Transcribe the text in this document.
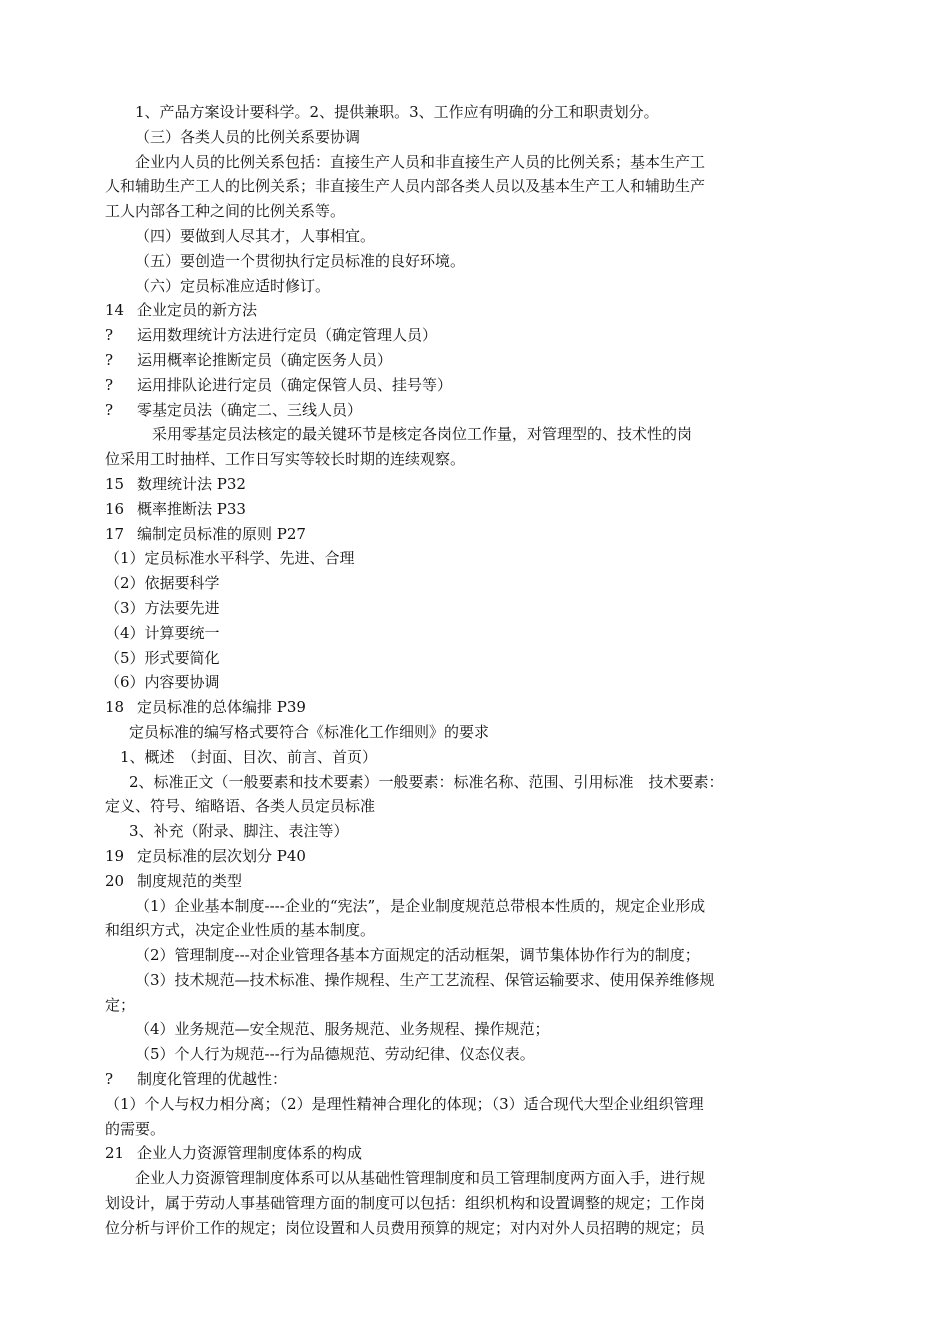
1、产品方案设计要科学。2、提供兼职。3、工作应有明确的分工和职责划分。
（三）各类人员的比例关系要协调
企业内人员的比例关系包括：直接生产人员和非直接生产人员的比例关系；基本生产工
人和辅助生产工人的比例关系；非直接生产人员内部各类人员以及基本生产工人和辅助生产
工人内部各工种之间的比例关系等。
（四）要做到人尽其才，人事相宜。
（五）要创造一个贯彻执行定员标准的良好环境。
（六）定员标准应适时修订。
14 企业定员的新方法
? 运用数理统计方法进行定员（确定管理人员）
? 运用概率论推断定员（确定医务人员）
? 运用排队论进行定员（确定保管人员、挂号等）
? 零基定员法（确定二、三线人员）
采用零基定员法核定的最关键环节是核定各岗位工作量，对管理型的、技术性的岗
位采用工时抽样、工作日写实等较长时期的连续观察。
15 数理统计法 P32
16 概率推断法 P33
17 编制定员标准的原则 P27
（1）定员标准水平科学、先进、合理
（2）依据要科学
（3）方法要先进
（4）计算要统一
（5）形式要简化
（6）内容要协调
18 定员标准的总体编排 P39
定员标准的编写格式要符合《标准化工作细则》的要求
1、概述　（封面、目次、前言、首页）
2、标准正文（一般要素和技术要素）一般要素：标准名称、范围、引用标准　技术要素：
定义、符号、缩略语、各类人员定员标准
3、补充（附录、脚注、表注等）
19 定员标准的层次划分 P40
20 制度规范的类型
（1）企业基本制度----企业的“宪法”，是企业制度规范总带根本性质的，规定企业形成
和组织方式，决定企业性质的基本制度。
（2）管理制度---对企业管理各基本方面规定的活动框架，调节集体协作行为的制度；
（3）技术规范—技术标准、操作规程、生产工艺流程、保管运输要求、使用保养维修规
定；
（4）业务规范—安全规范、服务规范、业务规程、操作规范；
（5）个人行为规范---行为品德规范、劳动纪律、仪态仪表。
? 制度化管理的优越性：
（1）个人与权力相分离；（2）是理性精神合理化的体现；（3）适合现代大型企业组织管理
的需要。
21 企业人力资源管理制度体系的构成
企业人力资源管理制度体系可以从基础性管理制度和员工管理制度两方面入手，进行规
划设计，属于劳动人事基础管理方面的制度可以包括：组织机构和设置调整的规定；工作岗
位分析与评价工作的规定；岗位设置和人员费用预算的规定；对内对外人员招聘的规定；员
